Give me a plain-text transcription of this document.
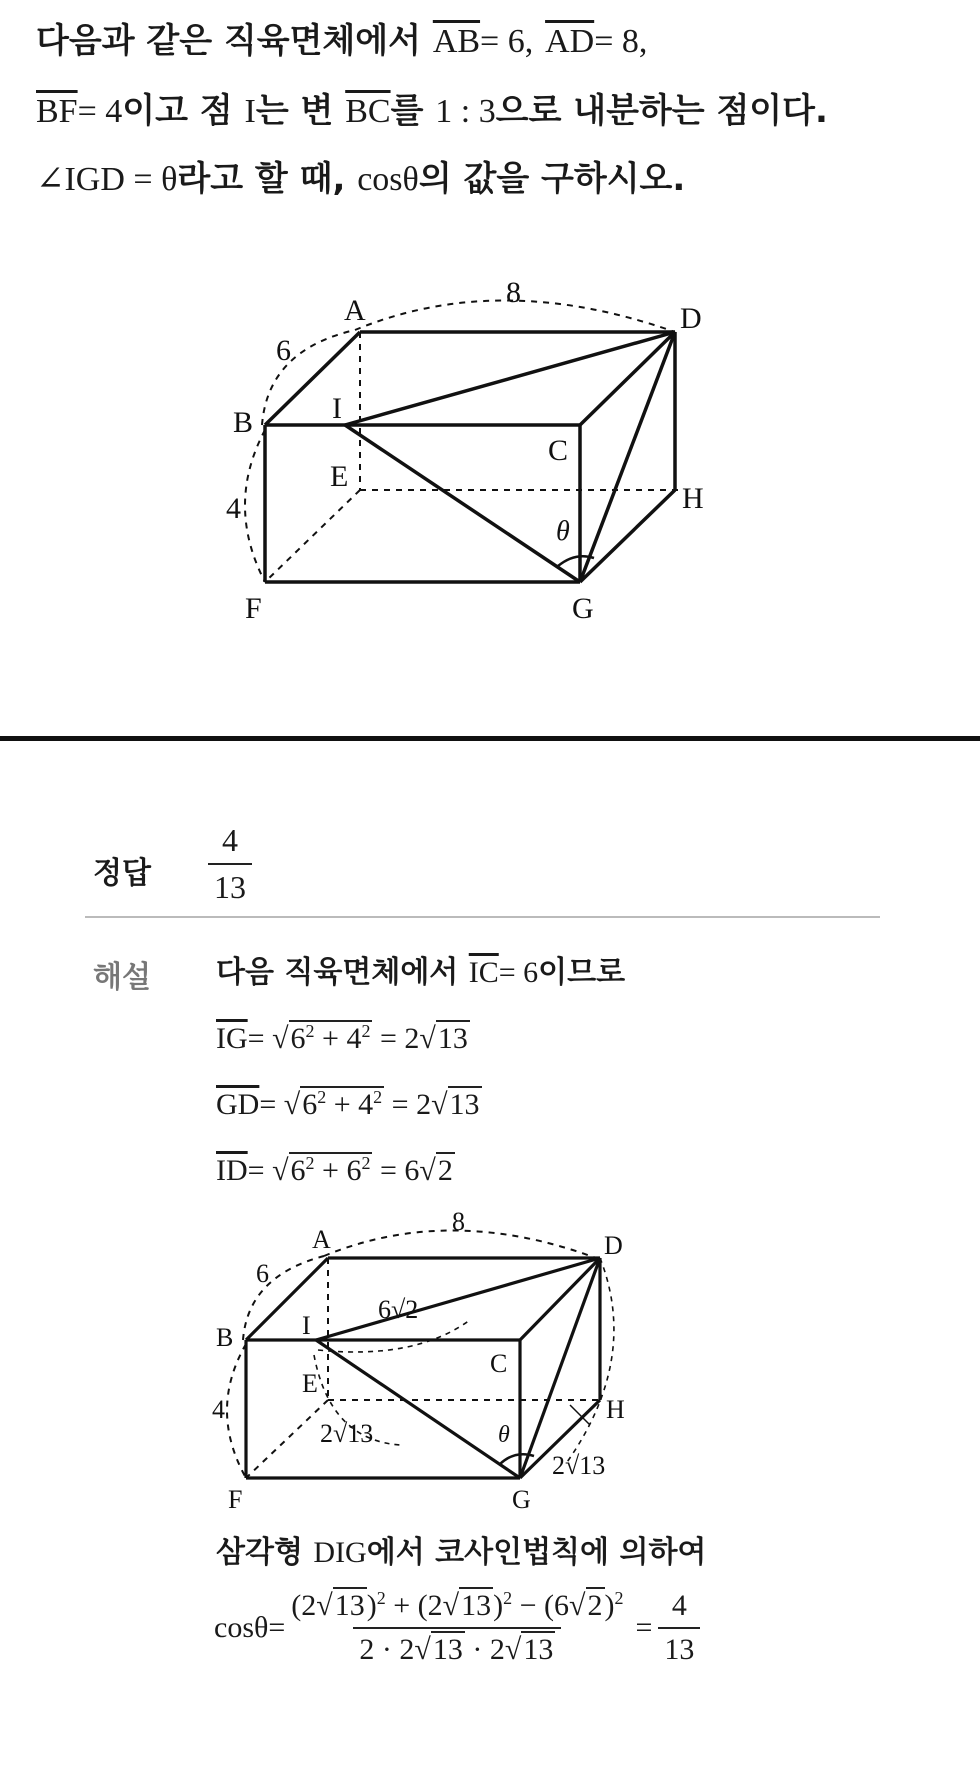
다음과 같은 직육면체에서 $\overline{AB}= 6$, $\overline{AD}= 8$,
$\overline{BF}= 4$이고 점 I는 변 $\overline{BC}$를 1 : 3으로 내분하는 점이다.
∠IGD = θ라고 할 때, cosθ의 값을 구하시오.
A	D
B	I
C
E
H
F	G
8
6
4
θ
정답 $\frac{4}{13}$
해설 다음 직육면체에서 $\overline{IC}= 6$이므로
$\overline{IG}= √6^2 + 4^2 = 2√13$
$\overline{GD}= √6^2 + 4^2 = 2√13$
$\overline{ID}= √6^2 + 6^2 = 6√2$
A	D
B	I
C
E
H
F	G
8
6
4
θ
6√2
2√13
2√13
삼각형 DIG에서 코사인법칙에 의하여
$\cos\theta= \frac{(2√13)^2 + (2√13)^2 - (6√2)^2}{2 \cdot 2√13 \cdot 2√13} = \frac{4}{13}$
